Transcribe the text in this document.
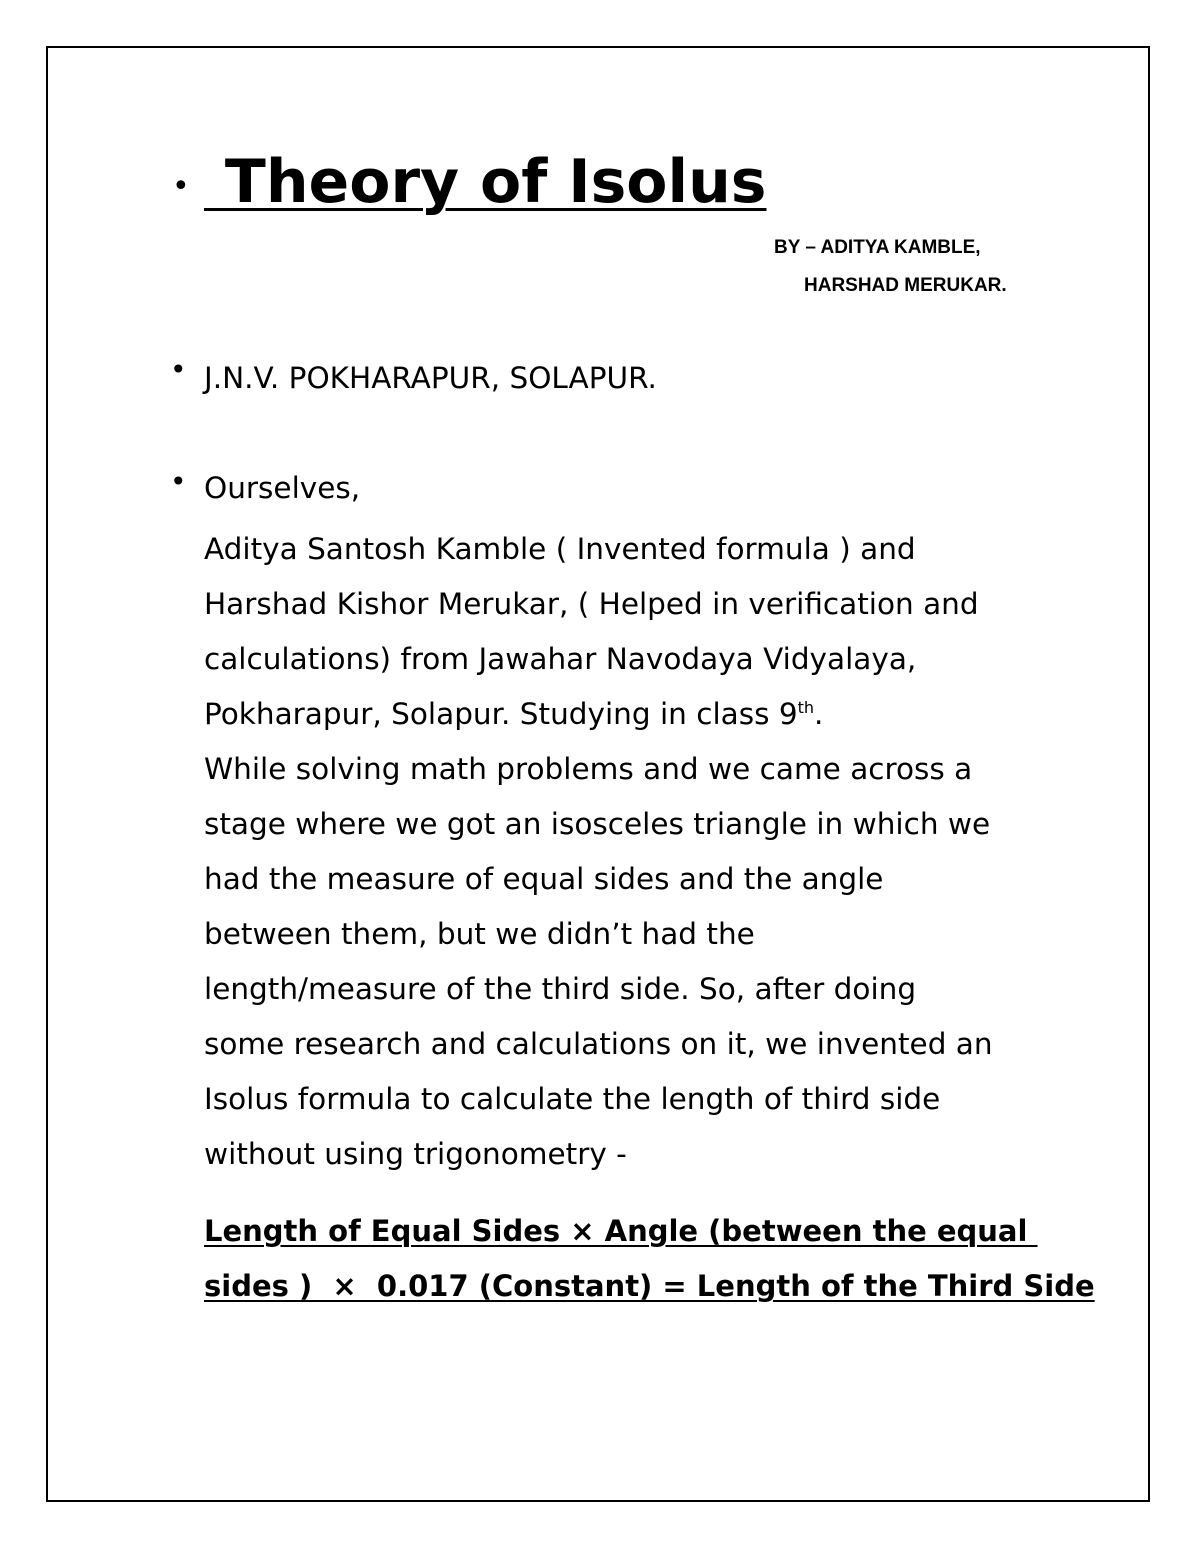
• Theory of Isolus
BY – ADITYA KAMBLE,
HARSHAD MERUKAR.
• J.N.V. POKHARAPUR, SOLAPUR.
• Ourselves,
Aditya Santosh Kamble ( Invented formula ) and
Harshad Kishor Merukar, ( Helped in verification and
calculations) from Jawahar Navodaya Vidyalaya,
Pokharapur, Solapur. Studying in class 9th.
While solving math problems and we came across a
stage where we got an isosceles triangle in which we
had the measure of equal sides and the angle
between them, but we didn’t had the
length/measure of the third side. So, after doing
some research and calculations on it, we invented an
Isolus formula to calculate the length of third side
without using trigonometry -
Length of Equal Sides × Angle (between the equal
sides )  ×  0.017 (Constant) = Length of the Third Side
